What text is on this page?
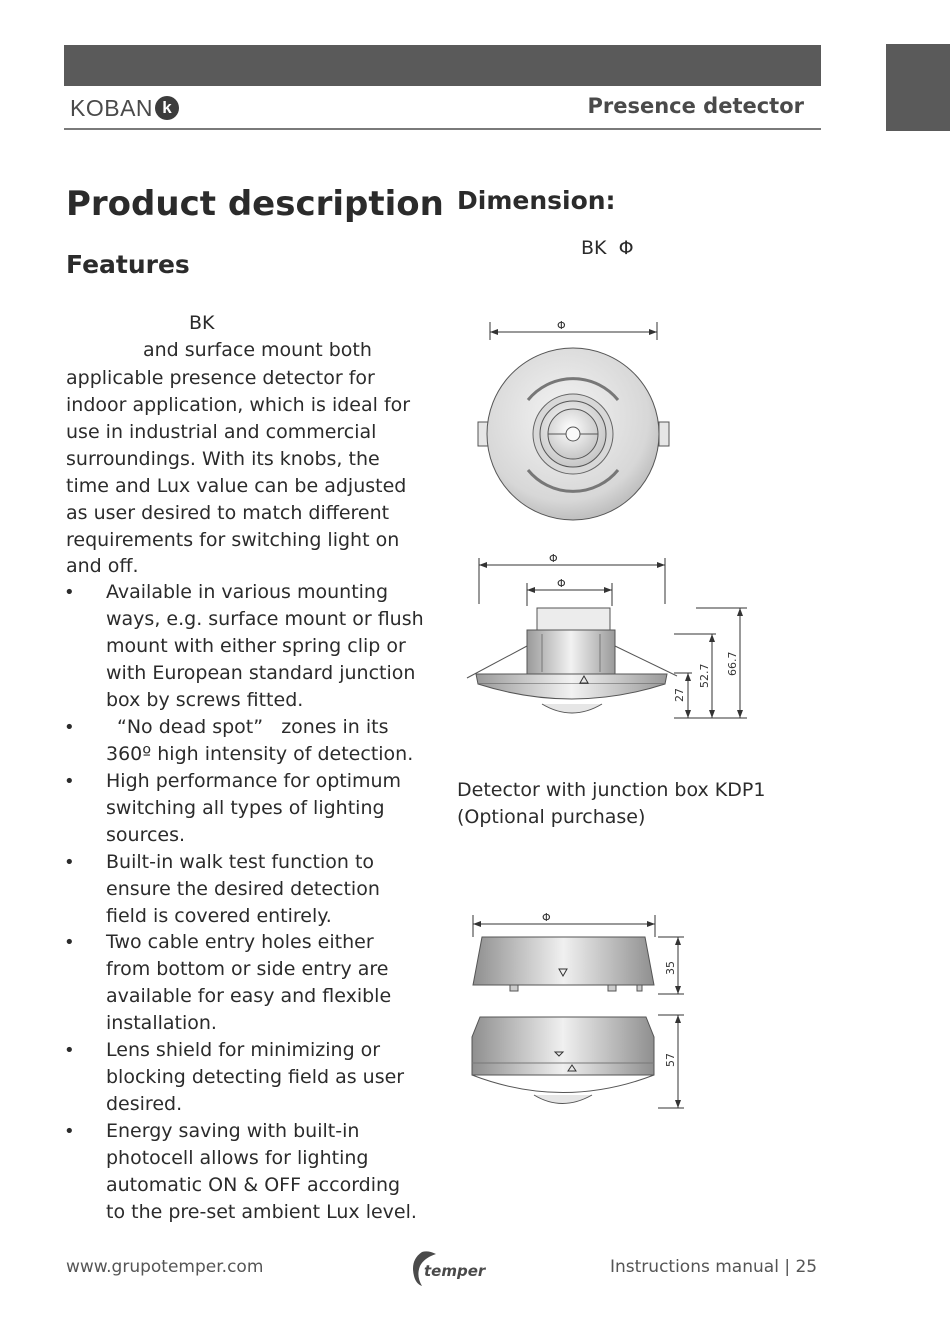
KOBAN k	Presence detector
Product description
Features
BK
and surface mount both
applicable presence detector for
indoor application, which is ideal for
use in industrial and commercial
surroundings. With its knobs, the
time and Lux value can be adjusted
as user desired to match different
requirements for switching light on
and off.
• Available in various mounting
ways, e.g. surface mount or flush
mount with either spring clip or
with European standard junction
box by screws fitted.
• “No dead spot”   zones in its
360º high intensity of detection.
• High performance for optimum
switching all types of lighting
sources.
• Built-in walk test function to
ensure the desired detection
field is covered entirely.
• Two cable entry holes either
from bottom or side entry are
available for easy and flexible
installation.
• Lens shield for minimizing or
blocking detecting field as user
desired.
• Energy saving with built-in
photocell allows for lighting
automatic ON & OFF according
to the pre-set ambient Lux level.
Dimension:
BK  Φ
Φ
Φ
Φ
27
52.7 66.7
Detector with junction box KDP1
(Optional purchase)
Φ
35
57
www.grupotemper.com	temper	Instructions manual | 25
